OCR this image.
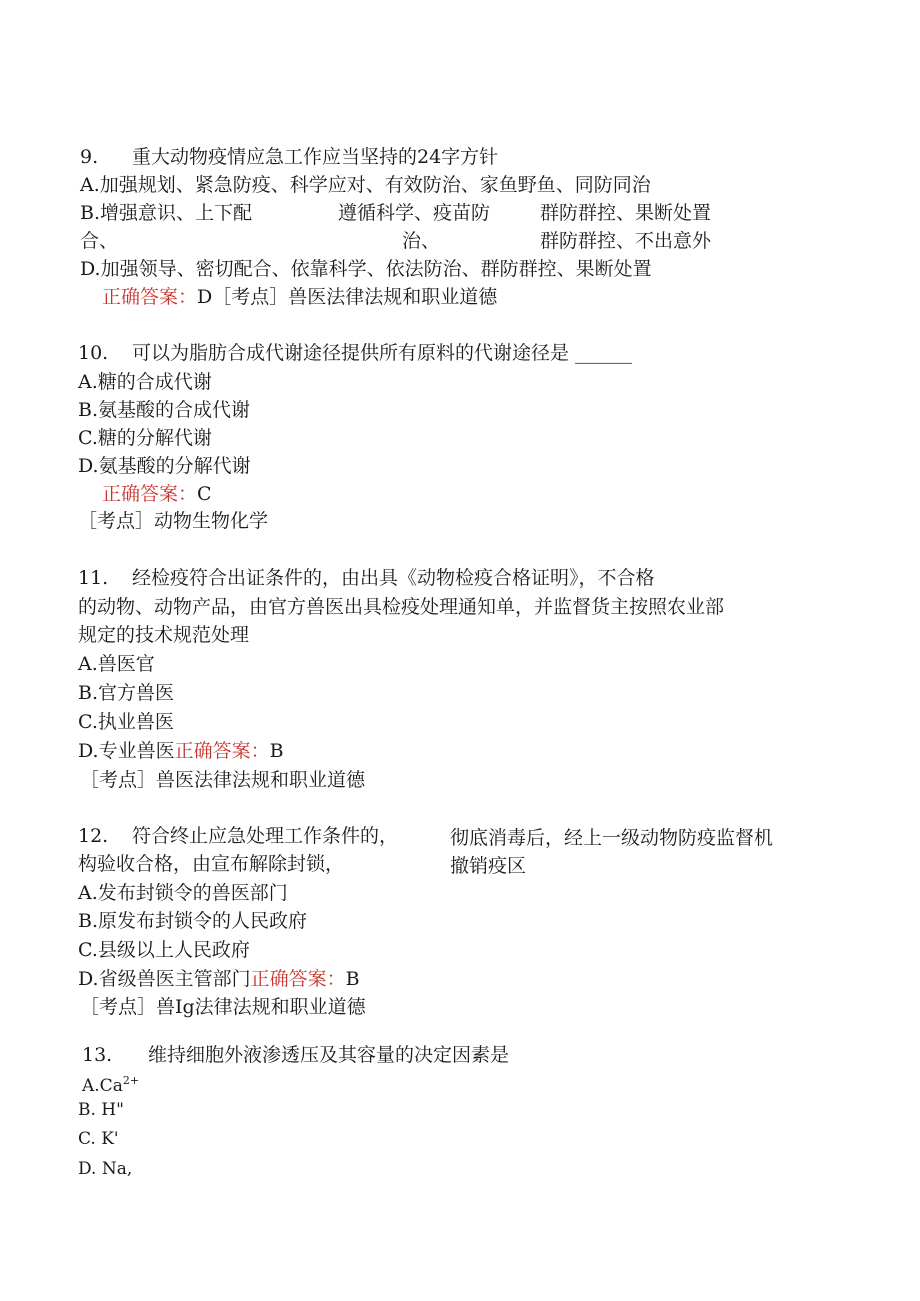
9. 重大动物疫情应急工作应当坚持的24字方针
A.加强规划、紧急防疫、科学应对、有效防治、家鱼野鱼、同防同治
B.增强意识、上下配	遵循科学、疫苗防	群防群控、果断处置
合、	治、	群防群控、不出意外
D.加强领导、密切配合、依靠科学、依法防治、群防群控、果断处置
正确答案：D［考点］兽医法律法规和职业道德
10. 可以为脂肪合成代谢途径提供所有原料的代谢途径是 ______
A.糖的合成代谢
B.氨基酸的合成代谢
C.糖的分解代谢
D.氨基酸的分解代谢
正确答案：C
［考点］动物生物化学
11. 经检疫符合出证条件的，由出具《动物检疫合格证明》，不合格
的动物、动物产品，由官方兽医出具检疫处理通知单，并监督货主按照农业部
规定的技术规范处理
A.兽医官
B.官方兽医
C.执业兽医
D.专业兽医正确答案：B
［考点］兽医法律法规和职业道德
12. 符合终止应急处理工作条件的，	彻底消毒后，经上一级动物防疫监督机
构验收合格，由宣布解除封锁，	撤销疫区
A.发布封锁令的兽医部门
B.原发布封锁令的人民政府
C.县级以上人民政府
D.省级兽医主管部门正确答案：B
［考点］兽Ig法律法规和职业道德
13. 维持细胞外液渗透压及其容量的决定因素是
$A.Ca^{2+}$
B. H"
C. K'
D. Na,
